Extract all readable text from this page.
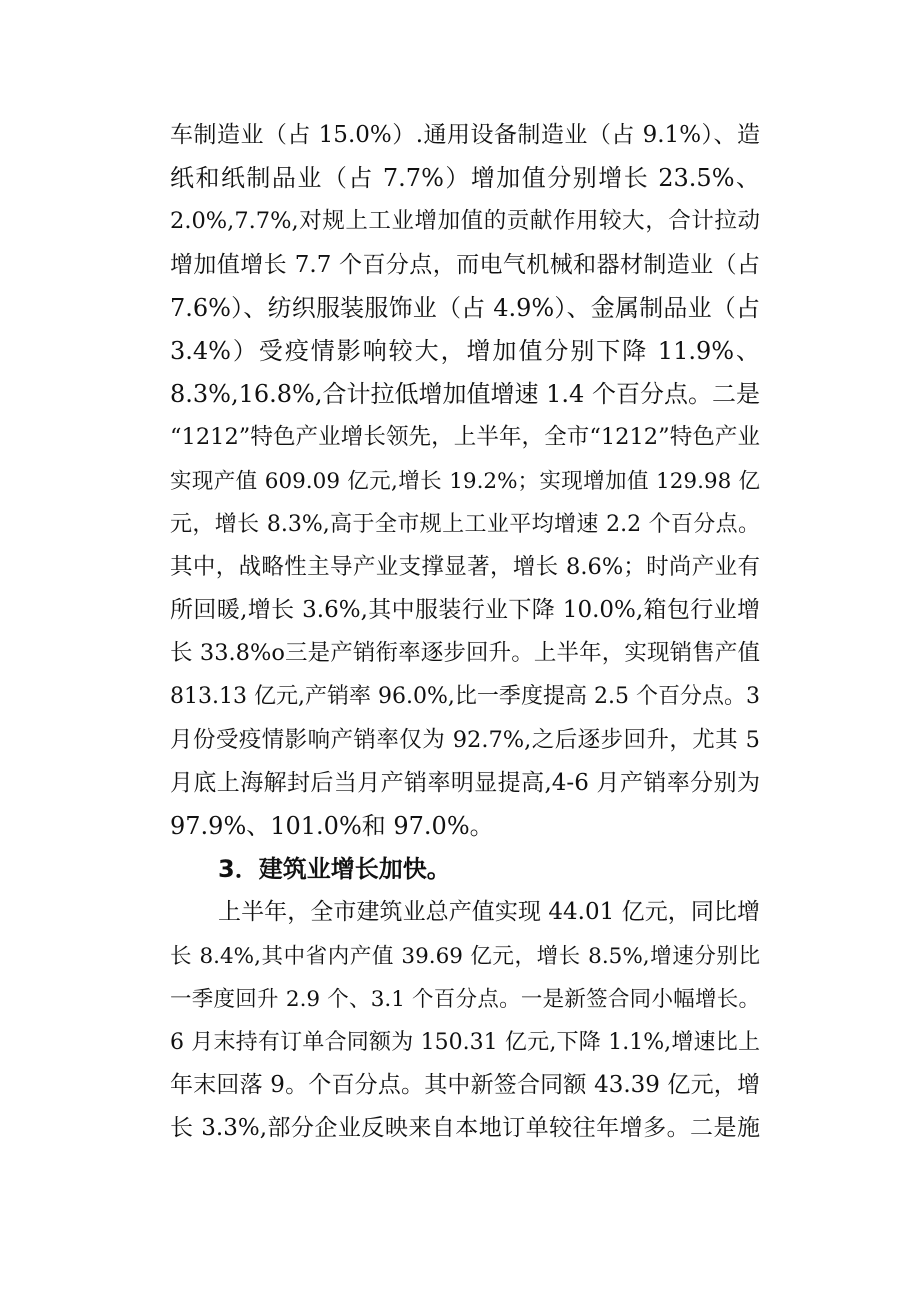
车制造业（占 15.0%）.通用设备制造业（占 9.1%）、造
纸和纸制品业（占 7.7%）增加值分别增长 23.5%、
2.0%,7.7%,对规上工业增加值的贡献作用较大，合计拉动
增加值增长 7.7 个百分点，而电气机械和器材制造业（占
7.6%）、纺织服装服饰业（占 4.9%）、金属制品业（占
3.4%）受疫情影响较大，增加值分别下降 11.9%、
8.3%,16.8%,合计拉低增加值增速 1.4 个百分点。二是
“1212”特色产业增长领先，上半年，全市“1212”特色产业
实现产值 609.09 亿元,增长 19.2%；实现增加值 129.98 亿
元，增长 8.3%,高于全市规上工业平均增速 2.2 个百分点。
其中，战略性主导产业支撑显著，增长 8.6%；时尚产业有
所回暖,增长 3.6%,其中服装行业下降 10.0%,箱包行业增
长 33.8%o三是产销衔率逐步回升。上半年，实现销售产值
813.13 亿元,产销率 96.0%,比一季度提高 2.5 个百分点。3
月份受疫情影响产销率仅为 92.7%,之后逐步回升，尤其 5
月底上海解封后当月产销率明显提高,4-6 月产销率分别为
97.9%、101.0%和 97.0%。
3．建筑业增长加快。
上半年，全市建筑业总产值实现 44.01 亿元，同比增
长 8.4%,其中省内产值 39.69 亿元，增长 8.5%,增速分别比
一季度回升 2.9 个、3.1 个百分点。一是新签合同小幅增长。
6 月末持有订单合同额为 150.31 亿元,下降 1.1%,增速比上
年末回落 9。个百分点。其中新签合同额 43.39 亿元，增
长 3.3%,部分企业反映来自本地订单较往年增多。二是施
